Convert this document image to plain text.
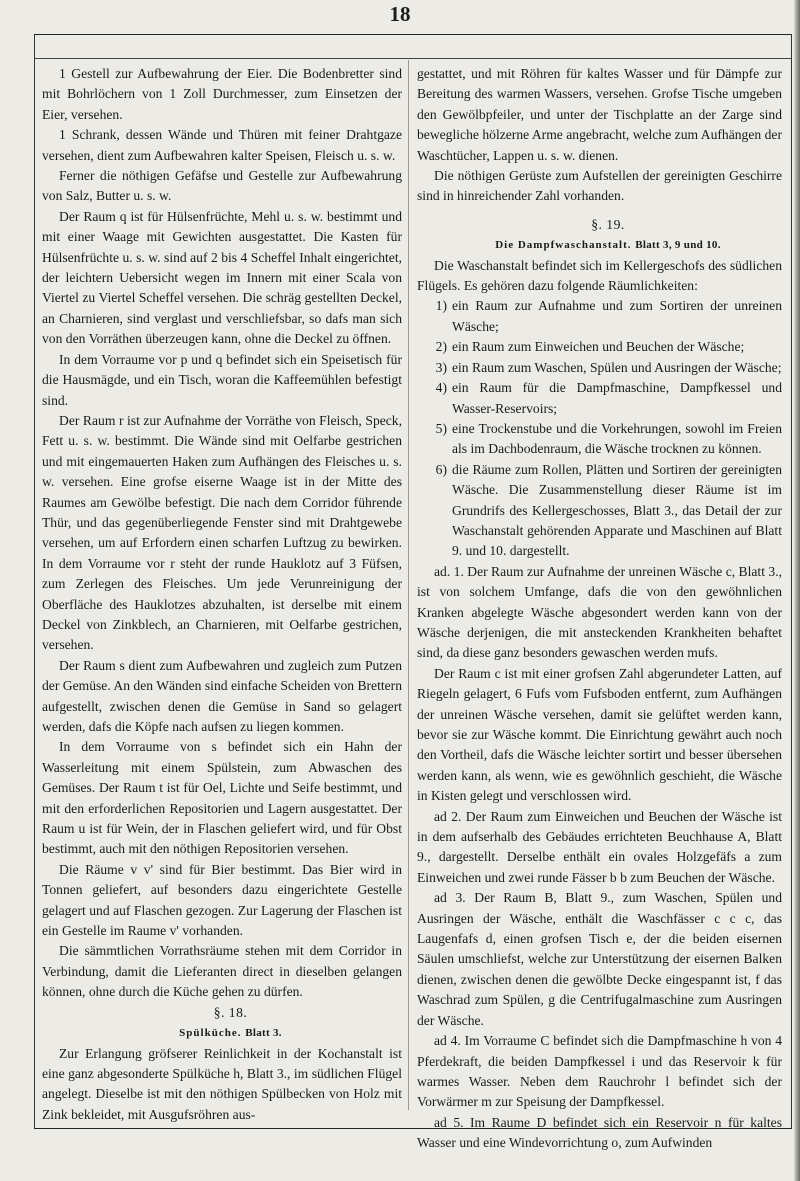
18

1 Gestell zur Aufbewahrung der Eier. Die Bodenbretter sind mit Bohrlöchern von 1 Zoll Durchmesser, zum Einsetzen der Eier, versehen.

1 Schrank, dessen Wände und Thüren mit feiner Drahtgaze versehen, dient zum Aufbewahren kalter Speisen, Fleisch u. s. w.

Ferner die nöthigen Gefäfse und Gestelle zur Aufbewahrung von Salz, Butter u. s. w.

Der Raum q ist für Hülsenfrüchte, Mehl u. s. w. bestimmt und mit einer Waage mit Gewichten ausgestattet. Die Kasten für Hülsenfrüchte u. s. w. sind auf 2 bis 4 Scheffel Inhalt eingerichtet, der leichtern Uebersicht wegen im Innern mit einer Scala von Viertel zu Viertel Scheffel versehen. Die schräg gestellten Deckel, an Charnieren, sind verglast und verschliefsbar, so dafs man sich von den Vorräthen überzeugen kann, ohne die Deckel zu öffnen.

In dem Vorraume vor p und q befindet sich ein Speisetisch für die Hausmägde, und ein Tisch, woran die Kaffeemühlen befestigt sind.

Der Raum r ist zur Aufnahme der Vorräthe von Fleisch, Speck, Fett u. s. w. bestimmt. Die Wände sind mit Oelfarbe gestrichen und mit eingemauerten Haken zum Aufhängen des Fleisches u. s. w. versehen. Eine grofse eiserne Waage ist in der Mitte des Raumes am Gewölbe befestigt. Die nach dem Corridor führende Thür, und das gegenüberliegende Fenster sind mit Drahtgewebe versehen, um auf Erfordern einen scharfen Luftzug zu bewirken. In dem Vorraume vor r steht der runde Hauklotz auf 3 Füfsen, zum Zerlegen des Fleisches. Um jede Verunreinigung der Oberfläche des Hauklotzes abzuhalten, ist derselbe mit einem Deckel von Zinkblech, an Charnieren, mit Oelfarbe gestrichen, versehen.

Der Raum s dient zum Aufbewahren und zugleich zum Putzen der Gemüse. An den Wänden sind einfache Scheiden von Brettern aufgestellt, zwischen denen die Gemüse in Sand so gelagert werden, dafs die Köpfe nach aufsen zu liegen kommen.

In dem Vorraume von s befindet sich ein Hahn der Wasserleitung mit einem Spülstein, zum Abwaschen des Gemüses. Der Raum t ist für Oel, Lichte und Seife bestimmt, und mit den erforderlichen Repositorien und Lagern ausgestattet. Der Raum u ist für Wein, der in Flaschen geliefert wird, und für Obst bestimmt, auch mit den nöthigen Repositorien versehen.

Die Räume v v' sind für Bier bestimmt. Das Bier wird in Tonnen geliefert, auf besonders dazu eingerichtete Gestelle gelagert und auf Flaschen gezogen. Zur Lagerung der Flaschen ist ein Gestelle im Raume v' vorhanden.

Die sämmtlichen Vorrathsräume stehen mit dem Corridor in Verbindung, damit die Lieferanten direct in dieselben gelangen können, ohne durch die Küche gehen zu dürfen.

§. 18.

Spülküche. Blatt 3.

Zur Erlangung gröfserer Reinlichkeit in der Kochanstalt ist eine ganz abgesonderte Spülküche h, Blatt 3., im südlichen Flügel angelegt. Dieselbe ist mit den nöthigen Spülbecken von Holz mit Zink bekleidet, mit Ausgufsröhren aus-

gestattet, und mit Röhren für kaltes Wasser und für Dämpfe zur Bereitung des warmen Wassers, versehen. Grofse Tische umgeben den Gewölbpfeiler, und unter der Tischplatte an der Zarge sind bewegliche hölzerne Arme angebracht, welche zum Aufhängen der Waschtücher, Lappen u. s. w. dienen.

Die nöthigen Gerüste zum Aufstellen der gereinigten Geschirre sind in hinreichender Zahl vorhanden.

§. 19.

Die Dampfwaschanstalt. Blatt 3, 9 und 10.

Die Waschanstalt befindet sich im Kellergeschofs des südlichen Flügels. Es gehören dazu folgende Räumlichkeiten:

1) ein Raum zur Aufnahme und zum Sortiren der unreinen Wäsche;
2) ein Raum zum Einweichen und Beuchen der Wäsche;
3) ein Raum zum Waschen, Spülen und Ausringen der Wäsche;
4) ein Raum für die Dampfmaschine, Dampfkessel und Wasser-Reservoirs;
5) eine Trockenstube und die Vorkehrungen, sowohl im Freien als im Dachbodenraum, die Wäsche trocknen zu können.
6) die Räume zum Rollen, Plätten und Sortiren der gereinigten Wäsche. Die Zusammenstellung dieser Räume ist im Grundrifs des Kellergeschosses, Blatt 3., das Detail der zur Waschanstalt gehörenden Apparate und Maschinen auf Blatt 9. und 10. dargestellt.

ad. 1. Der Raum zur Aufnahme der unreinen Wäsche c, Blatt 3., ist von solchem Umfange, dafs die von den gewöhnlichen Kranken abgelegte Wäsche abgesondert werden kann von der Wäsche derjenigen, die mit ansteckenden Krankheiten behaftet sind, da diese ganz besonders gewaschen werden mufs.

Der Raum c ist mit einer grofsen Zahl abgerundeter Latten, auf Riegeln gelagert, 6 Fufs vom Fufsboden entfernt, zum Aufhängen der unreinen Wäsche versehen, damit sie gelüftet werden kann, bevor sie zur Wäsche kommt. Die Einrichtung gewährt auch noch den Vortheil, dafs die Wäsche leichter sortirt und besser übersehen werden kann, als wenn, wie es gewöhnlich geschieht, die Wäsche in Kisten gelegt und verschlossen wird.

ad 2. Der Raum zum Einweichen und Beuchen der Wäsche ist in dem aufserhalb des Gebäudes errichteten Beuchhause A, Blatt 9., dargestellt. Derselbe enthält ein ovales Holzgefäfs a zum Einweichen und zwei runde Fässer b b zum Beuchen der Wäsche.

ad 3. Der Raum B, Blatt 9., zum Waschen, Spülen und Ausringen der Wäsche, enthält die Waschfässer c c c, das Laugenfafs d, einen grofsen Tisch e, der die beiden eisernen Säulen umschliefst, welche zur Unterstützung der eisernen Balken dienen, zwischen denen die gewölbte Decke eingespannt ist, f das Waschrad zum Spülen, g die Centrifugalmaschine zum Ausringen der Wäsche.

ad 4. Im Vorraume C befindet sich die Dampfmaschine h von 4 Pferdekraft, die beiden Dampfkessel i und das Reservoir k für warmes Wasser. Neben dem Rauchrohr l befindet sich der Vorwärmer m zur Speisung der Dampfkessel.

ad 5. Im Raume D befindet sich ein Reservoir n für kaltes Wasser und eine Windevorrichtung o, zum Aufwinden
